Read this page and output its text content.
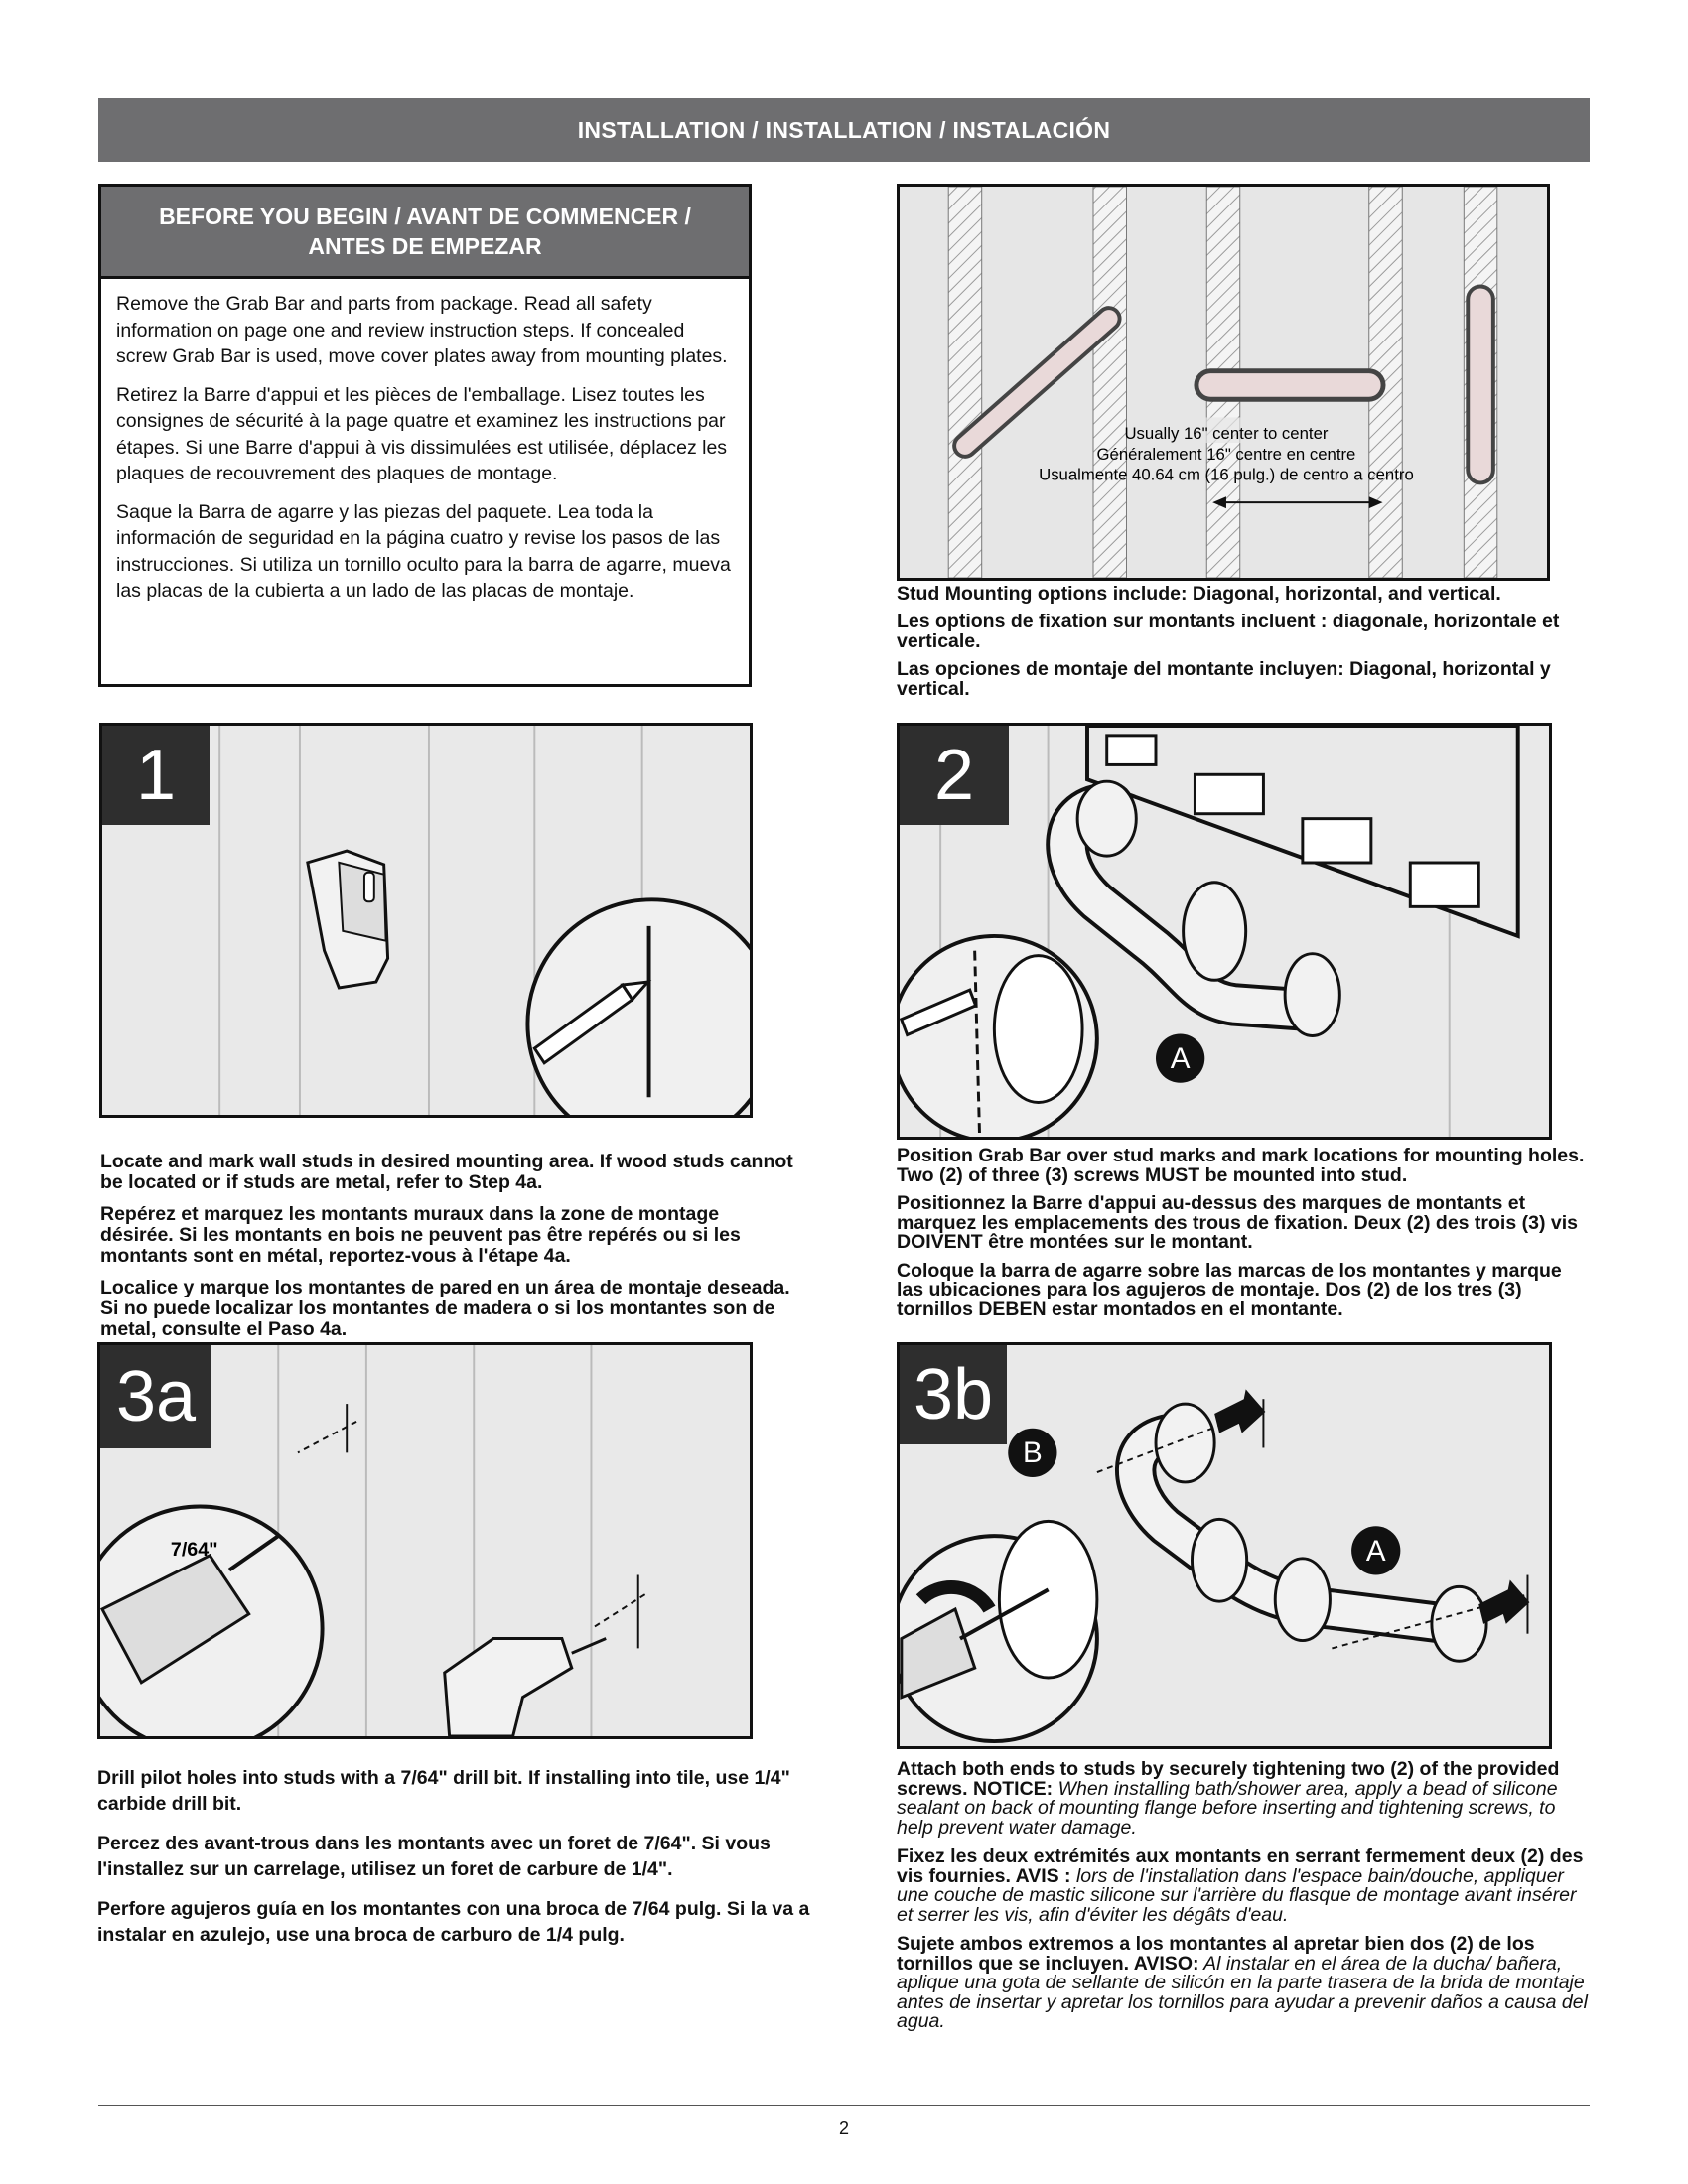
INSTALLATION / INSTALLATION / INSTALACIÓN
BEFORE YOU BEGIN / AVANT DE COMMENCER /
ANTES DE EMPEZAR

Remove the Grab Bar and parts from package. Read all safety information on page one and review instruction steps. If concealed screw Grab Bar is used, move cover plates away from mounting plates.

Retirez la Barre d'appui et les pièces de l'emballage. Lisez toutes les consignes de sécurité à la page quatre et examinez les instructions par étapes. Si une Barre d'appui à vis dissimulées est utilisée, déplacez les plaques de recouvrement des plaques de montage.

Saque la Barra de agarre y las piezas del paquete. Lea toda la información de seguridad en la página cuatro y revise los pasos de las instrucciones. Si utiliza un tornillo oculto para la barra de agarre, mueva las placas de la cubierta a un lado de las placas de montaje.

Usually 16" center to center
Généralement 16" centre en centre
Usualmente 40.64 cm (16 pulg.) de centro a centro

Stud Mounting options include: Diagonal, horizontal, and vertical.

Les options de fixation sur montants incluent : diagonale, horizontale et verticale.

Las opciones de montaje del montante incluyen: Diagonal, horizontal y vertical.

1

Locate and mark wall studs in desired mounting area. If wood studs cannot be located or if studs are metal, refer to Step 4a.

Repérez et marquez les montants muraux dans la zone de montage désirée. Si les montants en bois ne peuvent pas être repérés ou si les montants sont en métal, reportez-vous à l'étape 4a.

Localice y marque los montantes de pared en un área de montaje deseada. Si no puede localizar los montantes de madera o si los montantes son de metal, consulte el Paso 4a.

A
2

Position Grab Bar over stud marks and mark locations for mounting holes. Two (2) of three (3) screws MUST be mounted into stud.

Positionnez la Barre d'appui au-dessus des marques de montants et marquez les emplacements des trous de fixation. Deux (2) des trois (3) vis DOIVENT être montées sur le montant.

Coloque la barra de agarre sobre las marcas de los montantes y marque las ubicaciones para los agujeros de montaje. Dos (2) de los tres (3) tornillos DEBEN estar montados en el montante.

7/64"
3a

Drill pilot holes into studs with a 7/64" drill bit. If installing into tile, use 1/4" carbide drill bit.

Percez des avant-trous dans les montants avec un foret de 7/64". Si vous l'installez sur un carrelage, utilisez un foret de carbure de 1/4".

Perfore agujeros guía en los montantes con una broca de 7/64 pulg. Si la va a instalar en azulejo, use una broca de carburo de 1/4 pulg.

B
A
3b

Attach both ends to studs by securely tightening two (2) of the provided screws. NOTICE: When installing bath/shower area, apply a bead of silicone sealant on back of mounting flange before inserting and tightening screws, to help prevent water damage.

Fixez les deux extrémités aux montants en serrant fermement deux (2) des vis fournies. AVIS : lors de l'installation dans l'espace bain/douche, appliquer une couche de mastic silicone sur l'arrière du flasque de montage avant insérer et serrer les vis, afin d'éviter les dégâts d'eau.

Sujete ambos extremos a los montantes al apretar bien dos (2) de los tornillos que se incluyen. AVISO: Al instalar en el área de la ducha/ bañera, aplique una gota de sellante de silicón en la parte trasera de la brida de montaje antes de insertar y apretar los tornillos para ayudar a prevenir daños a causa del agua.

2
